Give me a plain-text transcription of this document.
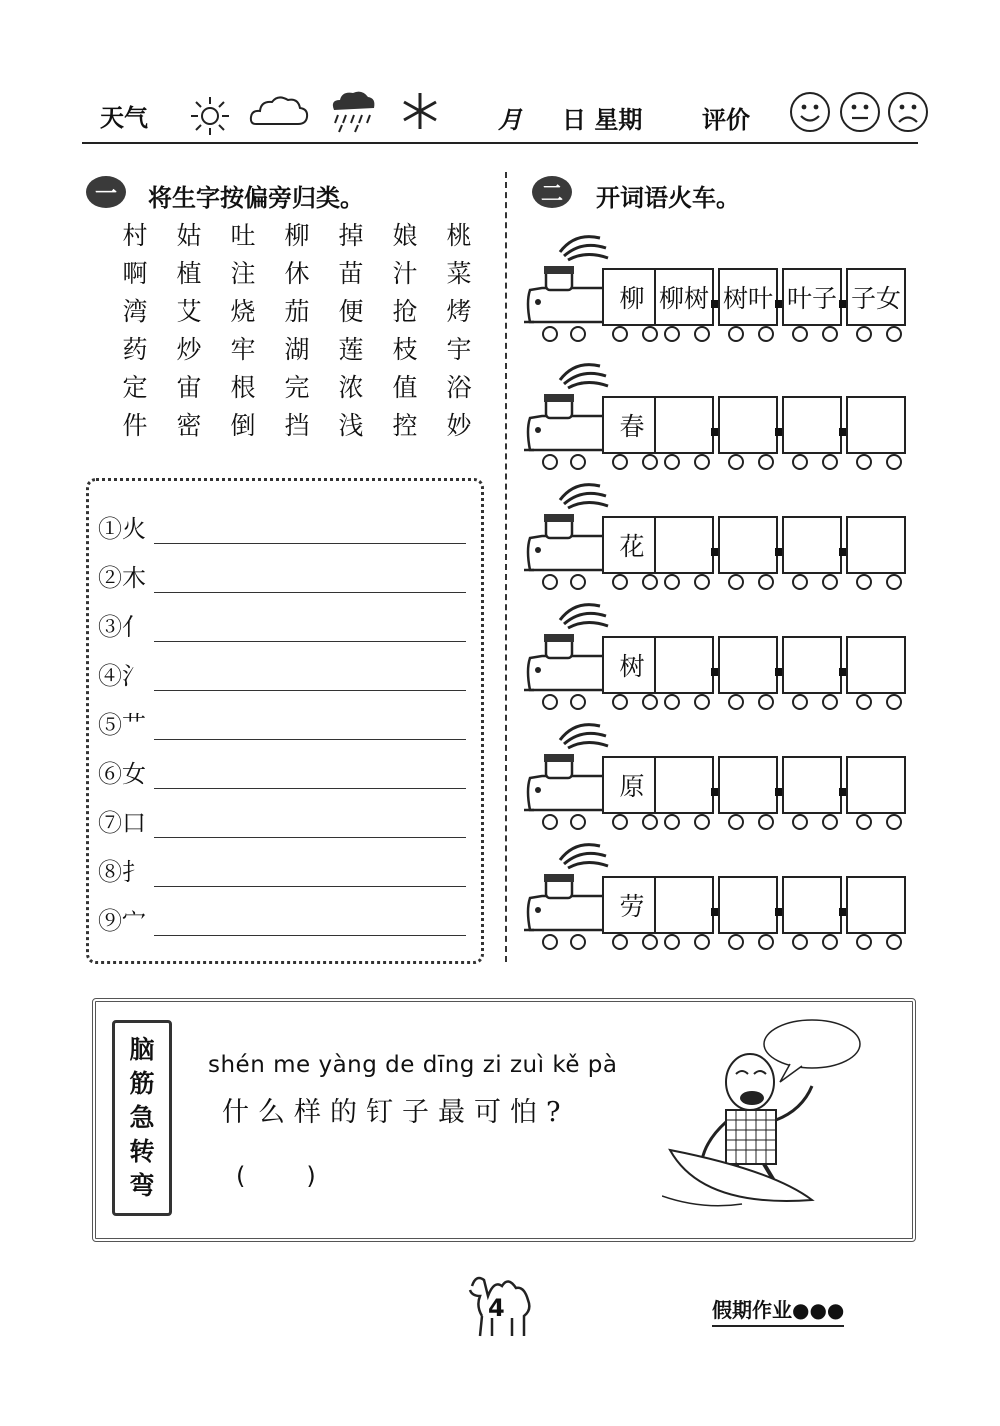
天气	月 日 星期 评价
一	将生字按偏旁归类。
村	姑	吐	柳	掉	娘	桃
啊	植	注	休	苗	汁	菜
湾	艾	烧	茄	便	抢	烤
药	炒	牢	湖	莲	枝	宇
定	宙	根	完	浓	值	浴
件	密	倒	挡	浅	控	妙
①火
②木
③亻
④氵
⑤艹
⑥女
⑦口
⑧扌
⑨宀
二	开词语火车。
柳 柳树 树叶 叶子 子女
春
花
树
原
劳
脑
筋
急
转
弯
shén me yàng de dīng zi zuì kě pà
什么样的钉子最可怕?
(        )
4	假期作业●●●
